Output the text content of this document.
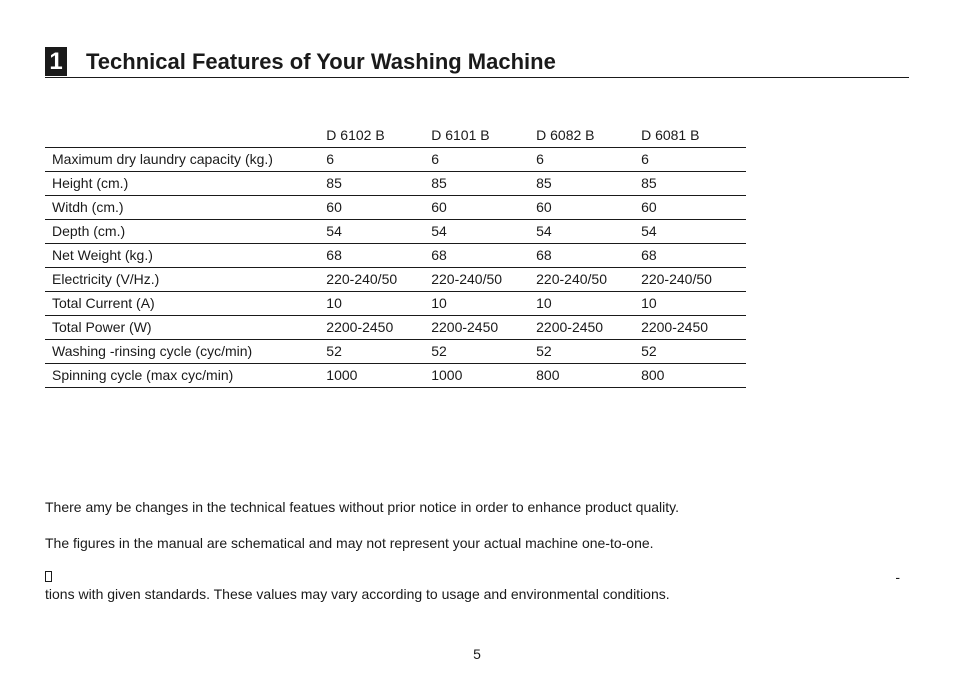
1 Technical Features of Your Washing Machine
	D 6102 B	D 6101 B	D 6082 B	D 6081 B
Maximum dry laundry capacity (kg.)	6	6	6	6
Height (cm.)	85	85	85	85
Witdh (cm.)	60	60	60	60
Depth (cm.)	54	54	54	54
Net Weight (kg.)	68	68	68	68
Electricity (V/Hz.)	220-240/50	220-240/50	220-240/50	220-240/50
Total Current (A)	10	10	10	10
Total Power (W)	2200-2450	2200-2450	2200-2450	2200-2450
Washing -rinsing cycle (cyc/min)	52	52	52	52
Spinning cycle (max cyc/min)	1000	1000	800	800
There amy be changes in the technical featues without prior notice in order to enhance product quality.
The figures in the manual are schematical and may not represent your actual machine one-to-one.
-
tions with given standards. These values may vary according to usage and environmental conditions.
5
